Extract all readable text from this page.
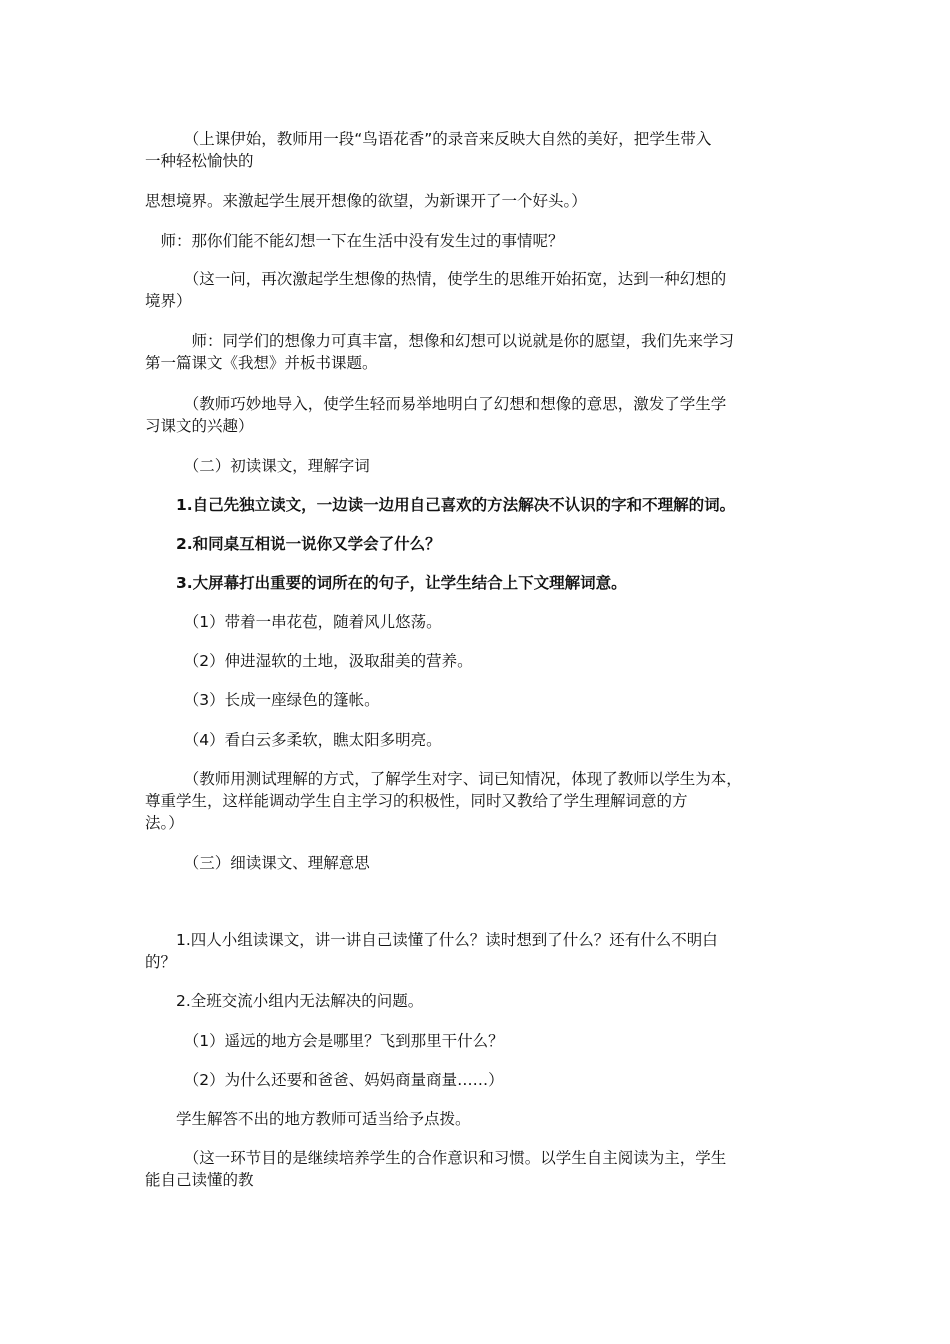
　　　（上课伊始，教师用一段“鸟语花香”的录音来反映大自然的美好，把学生带入
一种轻松愉快的
思想境界。来激起学生展开想像的欲望，为新课开了一个好头。）
　师：那你们能不能幻想一下在生活中没有发生过的事情呢？
　　　（这一问，再次激起学生想像的热情，使学生的思维开始拓宽，达到一种幻想的
境界）
　　　师：同学们的想像力可真丰富，想像和幻想可以说就是你的愿望，我们先来学习
第一篇课文《我想》并板书课题。
　　　（教师巧妙地导入，使学生轻而易举地明白了幻想和想像的意思，激发了学生学
习课文的兴趣）
　　　（二）初读课文，理解字词
　　1.自己先独立读文，一边读一边用自己喜欢的方法解决不认识的字和不理解的词。
　　2.和同桌互相说一说你又学会了什么？
　　3.大屏幕打出重要的词所在的句子，让学生结合上下文理解词意。
　　　（1）带着一串花苞，随着风儿悠荡。
　　　（2）伸进湿软的土地，汲取甜美的营养。
　　　（3）长成一座绿色的篷帐。
　　　（4）看白云多柔软，瞧太阳多明亮。
　　　（教师用测试理解的方式，了解学生对字、词已知情况，体现了教师以学生为本，
尊重学生，这样能调动学生自主学习的积极性，同时又教给了学生理解词意的方
法。）
　　　（三）细读课文、理解意思
　　1.四人小组读课文，讲一讲自己读懂了什么？读时想到了什么？还有什么不明白
的？
　　2.全班交流小组内无法解决的问题。
　　　（1）遥远的地方会是哪里？飞到那里干什么？
　　　（2）为什么还要和爸爸、妈妈商量商量……）
　　学生解答不出的地方教师可适当给予点拨。
　　　（这一环节目的是继续培养学生的合作意识和习惯。以学生自主阅读为主，学生
能自己读懂的教
